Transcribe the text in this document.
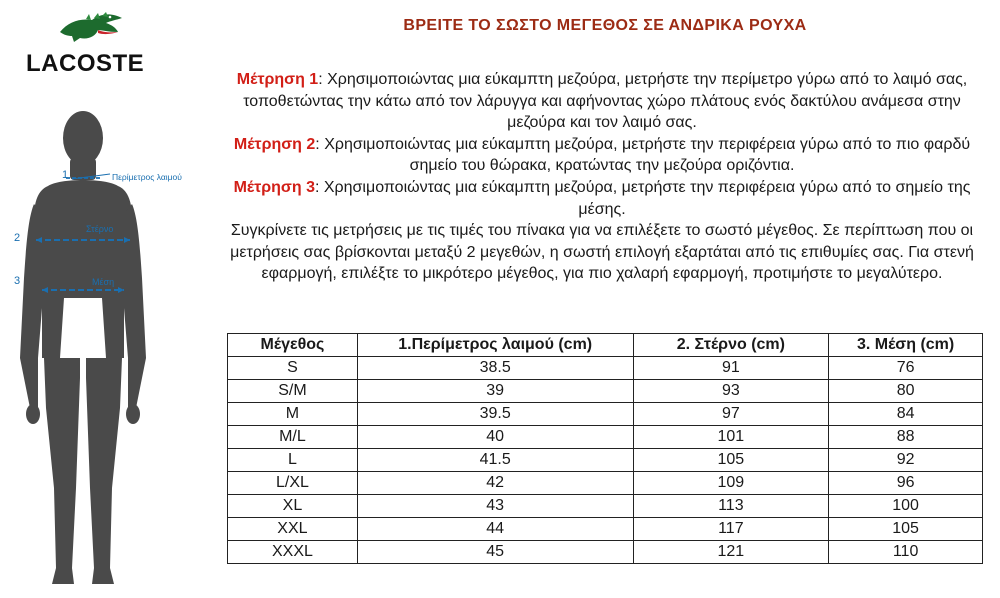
LACOSTE
1	Περίμετρος λαιμού
2
Στέρνο
3	Μέση
ΒΡΕΙΤΕ ΤΟ ΣΩΣΤΟ ΜΕΓΕΘΟΣ ΣΕ ΑΝΔΡΙΚΑ ΡΟΥΧΑ

Μέτρηση 1: Χρησιμοποιώντας μια εύκαμπτη μεζούρα, μετρήστε την περίμετρο γύρω από το λαιμό σας, τοποθετώντας την κάτω από τον λάρυγγα και αφήνοντας χώρο πλάτους ενός δακτύλου ανάμεσα στην μεζούρα και τον λαιμό σας.

Μέτρηση 2: Χρησιμοποιώντας μια εύκαμπτη μεζούρα, μετρήστε την περιφέρεια γύρω από το πιο φαρδύ σημείο του θώρακα, κρατώντας την μεζούρα οριζόντια.

Μέτρηση 3: Χρησιμοποιώντας μια εύκαμπτη μεζούρα, μετρήστε την περιφέρεια γύρω από το σημείο της μέσης.

Συγκρίνετε τις μετρήσεις με τις τιμές του πίνακα για να επιλέξετε το σωστό μέγεθος. Σε περίπτωση που οι μετρήσεις σας βρίσκονται μεταξύ 2 μεγεθών, η σωστή επιλογή εξαρτάται από τις επιθυμίες σας. Για στενή εφαρμογή, επιλέξτε το μικρότερο μέγεθος, για πιο χαλαρή εφαρμογή, προτιμήστε το μεγαλύτερο.

Μέγεθος	1.Περίμετρος λαιμού (cm)	2. Στέρνο (cm)	3. Μέση (cm)
S	38.5	91	76
S/M	39	93	80
M	39.5	97	84
M/L	40	101	88
L	41.5	105	92
L/XL	42	109	96
XL	43	113	100
XXL	44	117	105
XXXL	45	121	110
